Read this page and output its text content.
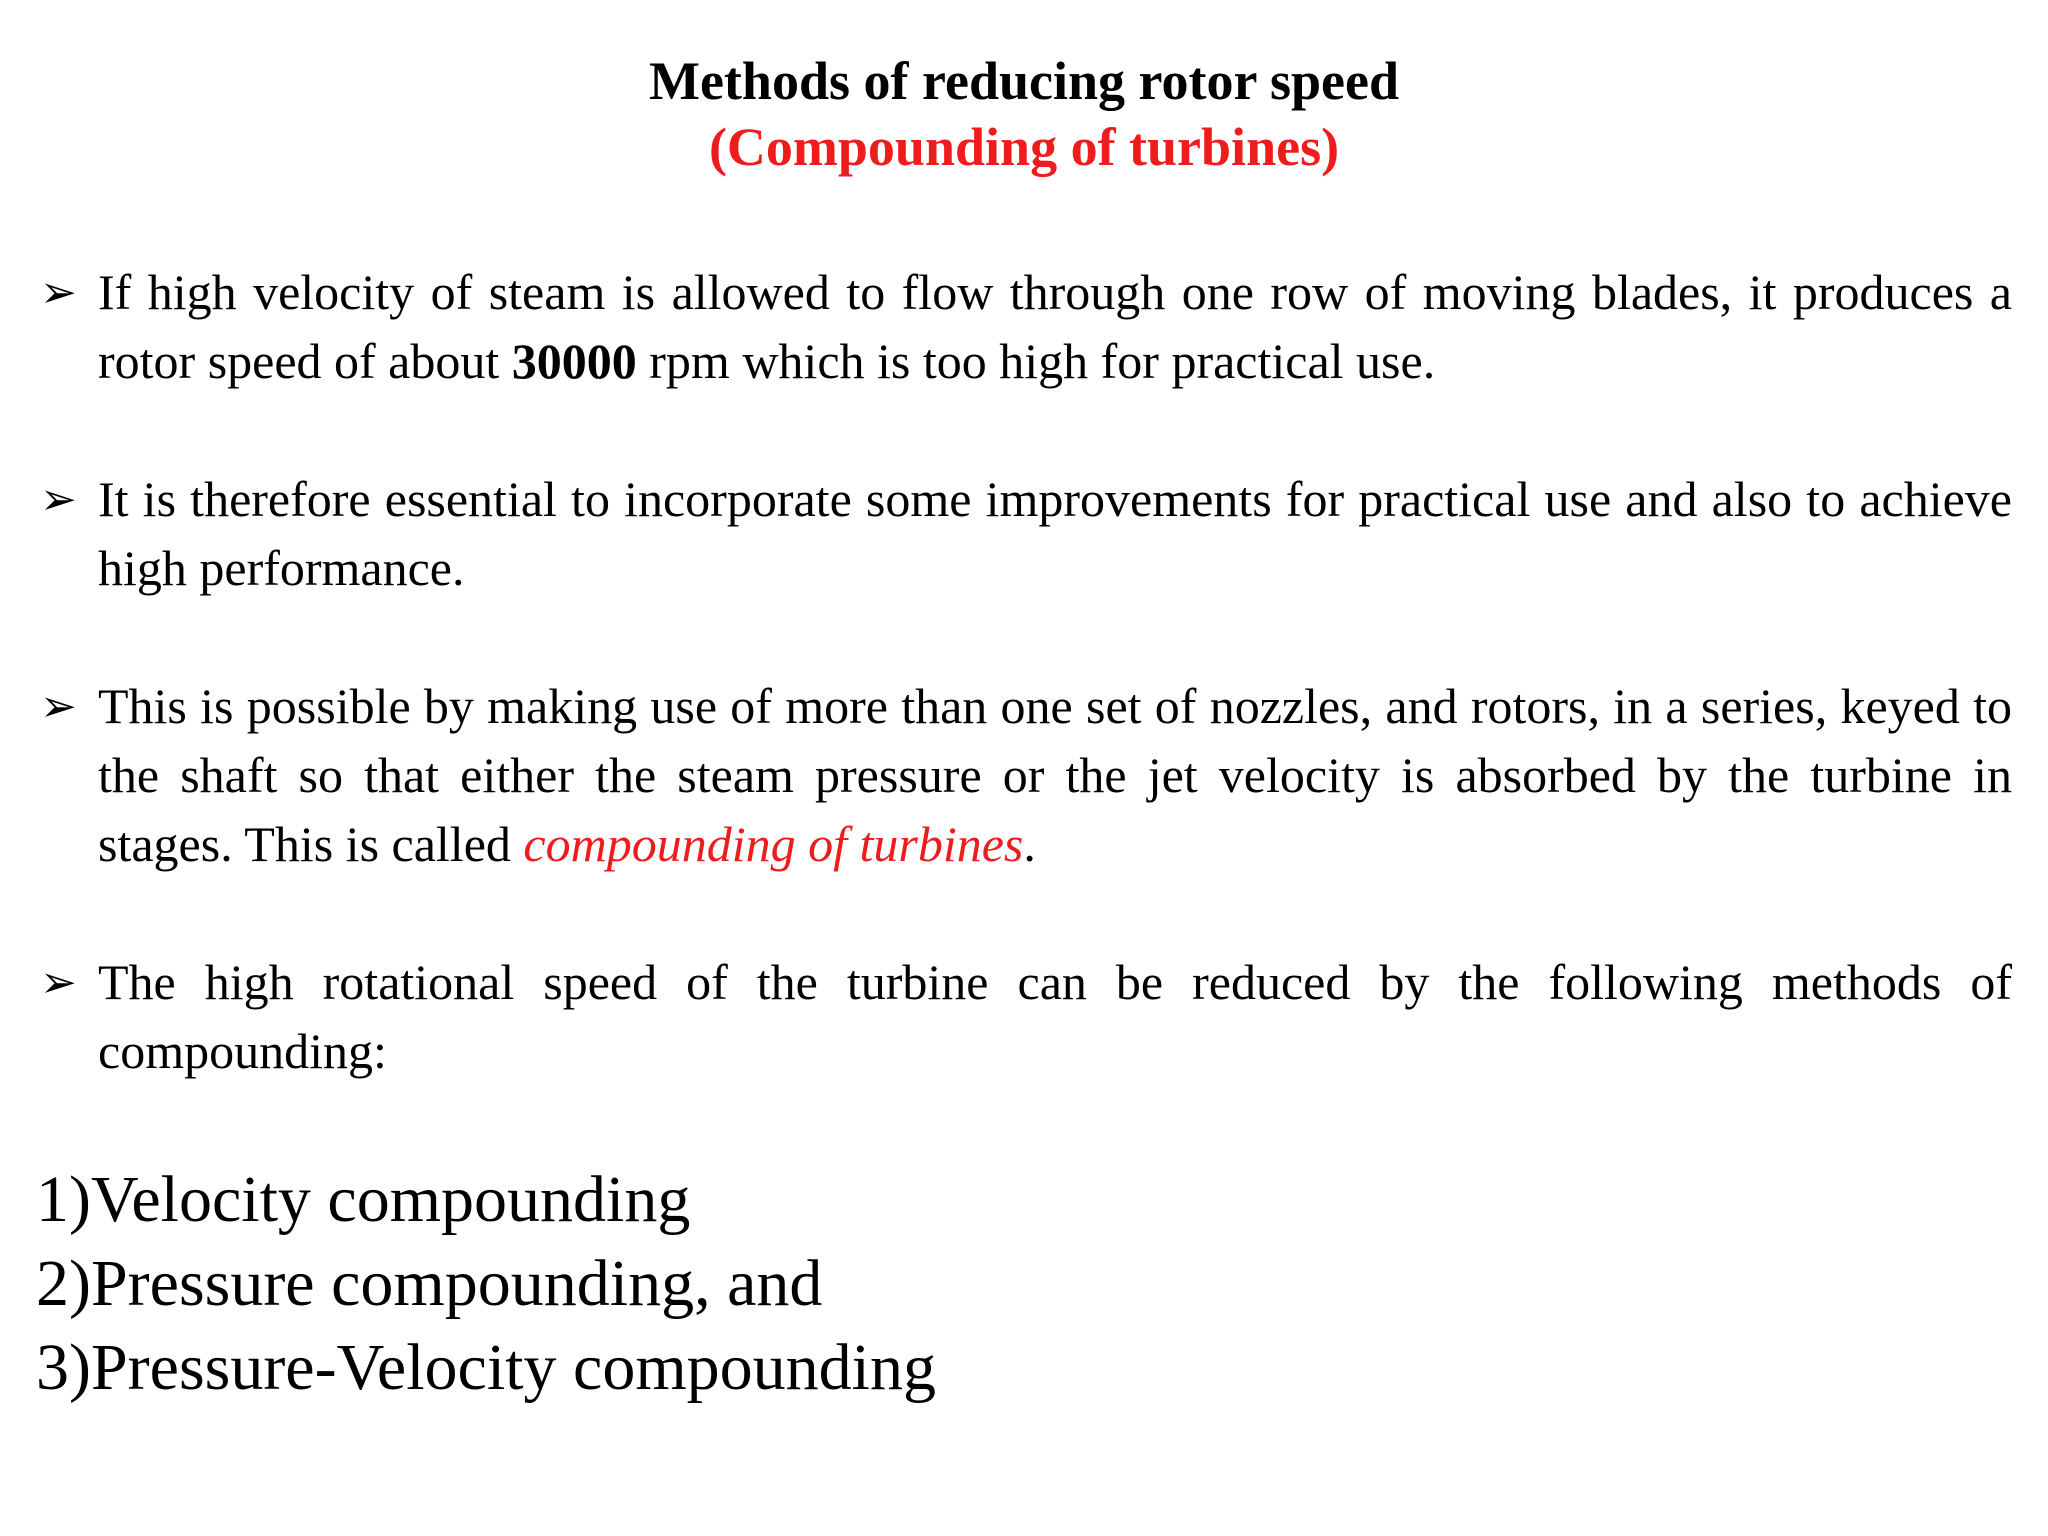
Methods of reducing rotor speed
(Compounding of turbines)
➢ If high velocity of steam is allowed to flow through one row of moving blades, it produces a rotor speed of about 30000 rpm which is too high for practical use.
➢ It is therefore essential to incorporate some improvements for practical use and also to achieve high performance.
➢ This is possible by making use of more than one set of nozzles, and rotors, in a series, keyed to the shaft so that either the steam pressure or the jet velocity is absorbed by the turbine in stages. This is called compounding of turbines.
➢ The high rotational speed of the turbine can be reduced by the following methods of compounding:
1)Velocity compounding
2)Pressure compounding, and
3)Pressure-Velocity compounding
